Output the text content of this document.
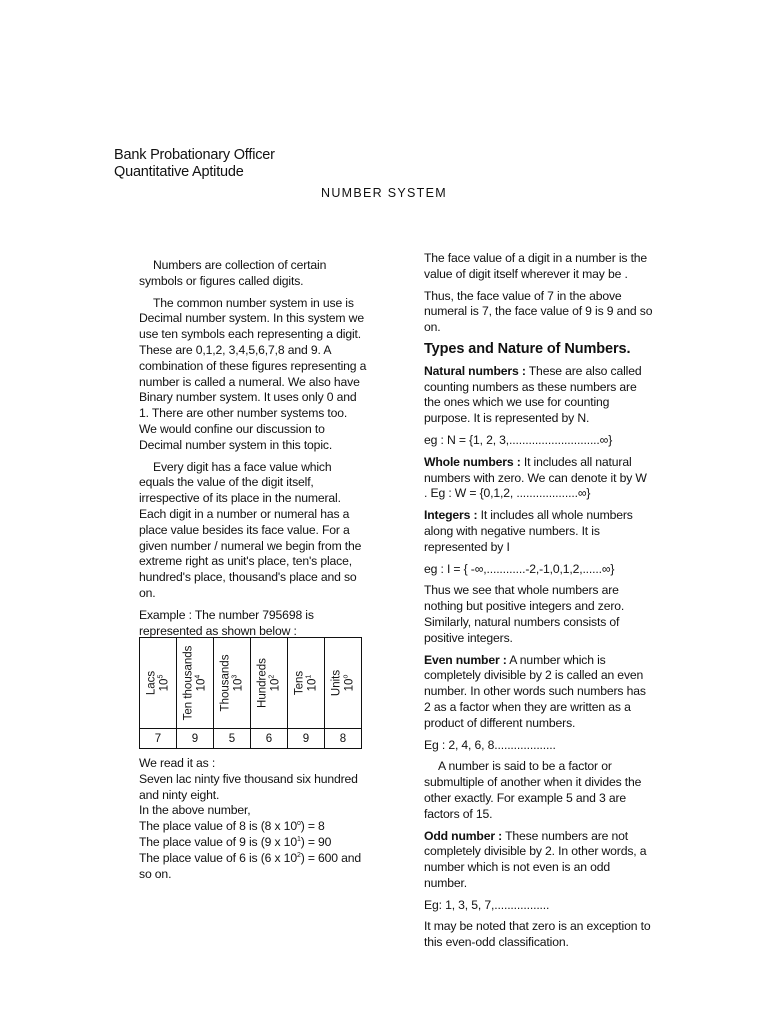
Bank Probationary Officer
Quantitative Aptitude
NUMBER SYSTEM

Numbers are collection of certain symbols or figures called digits.

The common number system in use is Decimal number system. In this system we use ten symbols each representing a digit. These are 0,1,2, 3,4,5,6,7,8 and 9. A combination of these figures representing a number is called a numeral. We also have Binary number system. It uses only 0 and 1. There are other number systems too. We would confine our discussion to Decimal number system in this topic.

Every digit has a face value which equals the value of the digit itself, irrespective of its place in the numeral. Each digit in a number or numeral has a place value besides its face value. For a given number / numeral we begin from the extreme right as unit's place, ten's place, hundred's place, thousand's place and so on.

Example : The number 795698 is represented as shown below :

Lacs $10^5$	Ten thousands $10^4$	Thousands $10^3$	Hundreds $10^2$	Tens $10^1$	Units 10$^o$

7	9	5	6	9	8

We read it as :

Seven lac ninty five thousand six hundred and ninty eight.

In the above number,

The place value of 8 is (8 x $10^o) = 8$

The place value of 9 is (9 x $10^1) = 90$

The place value of 6 is (6 x $10^2) = 600$ and so on.

The face value of a digit in a number is the value of digit itself wherever it may be .

Thus, the face value of 7 in the above numeral is 7, the face value of 9 is 9 and so on.

Types and Nature of Numbers.

Natural numbers : These are also called counting numbers as these numbers are the ones which we use for counting purpose. It is represented by N.

eg : N = {1, 2, 3,............................∞}

Whole numbers : It includes all natural numbers with zero. We can denote it by W
. Eg : W = {0,1,2, ...................∞}

Integers : It includes all whole numbers along with negative numbers. It is represented by I

eg : I = { -∞,............-2,-1,0,1,2,......∞}

Thus we see that whole numbers are nothing but positive integers and zero. Similarly, natural numbers consists of positive integers.

Even number : A number which is completely divisible by 2 is called an even number. In other words such numbers has 2 as a factor when they are written as a product of different numbers.

Eg : 2, 4, 6, 8...................

A number is said to be a factor or submultiple of another when it divides the other exactly. For example 5 and 3 are factors of 15.

Odd number : These numbers are not completely divisible by 2. In other words, a number which is not even is an odd number.

Eg: 1, 3, 5, 7,.................

It may be noted that zero is an exception to this even-odd classification.
